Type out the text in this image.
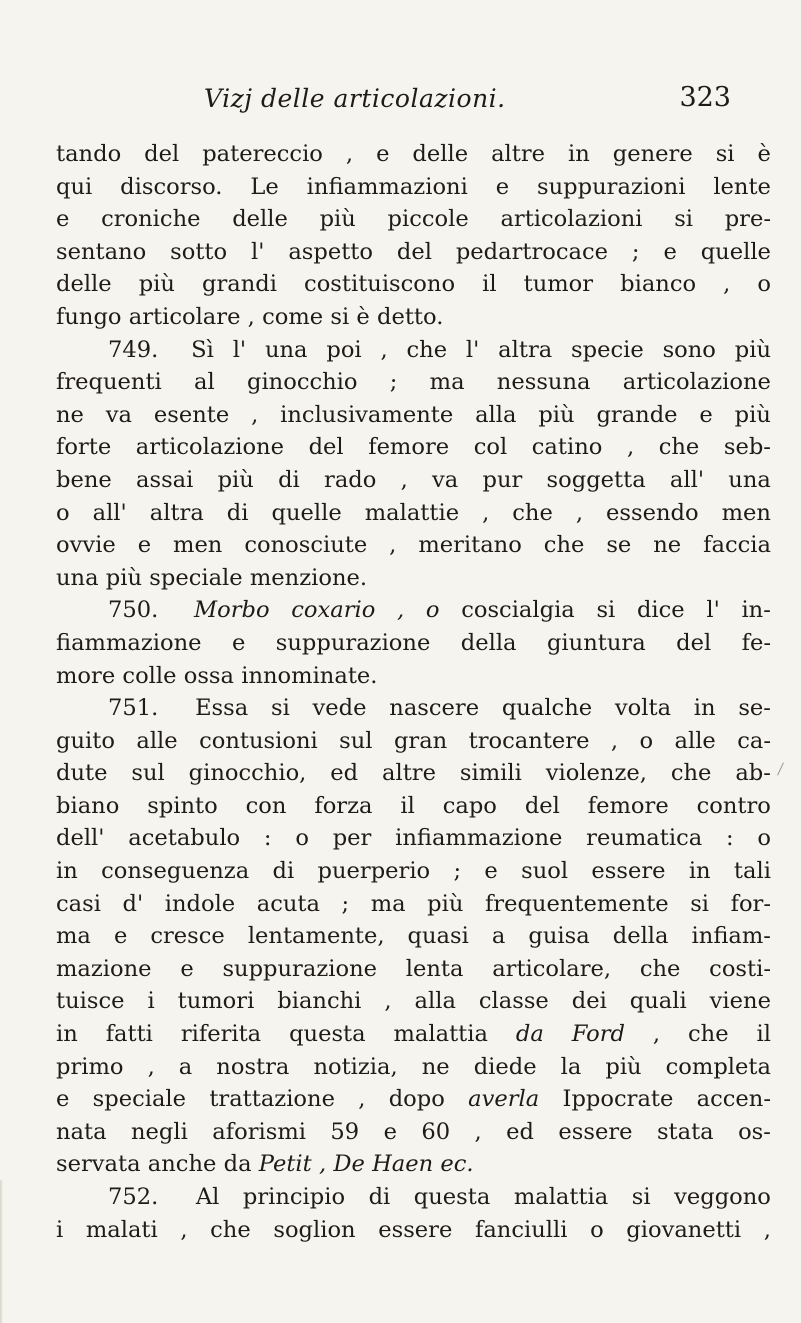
Vizj delle articolazioni.	323
tando del patereccio , e delle altre in genere si è
qui discorso. Le infiammazioni e suppurazioni lente
e croniche delle più piccole articolazioni si pre-
sentano sotto l' aspetto del pedartrocace ; e quelle
delle più grandi costituiscono il tumor bianco , o
fungo articolare , come si è detto.
749. Sì l' una poi , che l' altra specie sono più
frequenti al ginocchio ; ma nessuna articolazione
ne va esente , inclusivamente alla più grande e più
forte articolazione del femore col catino , che seb-
bene assai più di rado , va pur soggetta all' una
o all' altra di quelle malattie , che , essendo men
ovvie e men conosciute , meritano che se ne faccia
una più speciale menzione.
750. Morbo coxario , o coscialgia si dice l' in-
fiammazione e suppurazione della giuntura del fe-
more colle ossa innominate.
751. Essa si vede nascere qualche volta in se-
guito alle contusioni sul gran trocantere , o alle ca-
dute sul ginocchio, ed altre simili violenze, che ab-
biano spinto con forza il capo del femore contro
dell' acetabulo : o per infiammazione reumatica : o
in conseguenza di puerperio ; e suol essere in tali
casi d' indole acuta ; ma più frequentemente si for-
ma e cresce lentamente, quasi a guisa della infiam-
mazione e suppurazione lenta articolare, che costi-
tuisce i tumori bianchi , alla classe dei quali viene
in fatti riferita questa malattia da Ford , che il
primo , a nostra notizia, ne diede la più completa
e speciale trattazione , dopo averla Ippocrate accen-
nata negli aforismi 59 e 60 , ed essere stata os-
servata anche da Petit , De Haen ec.
752. Al principio di questa malattia si veggono
i malati , che soglion essere fanciulli o giovanetti ,
